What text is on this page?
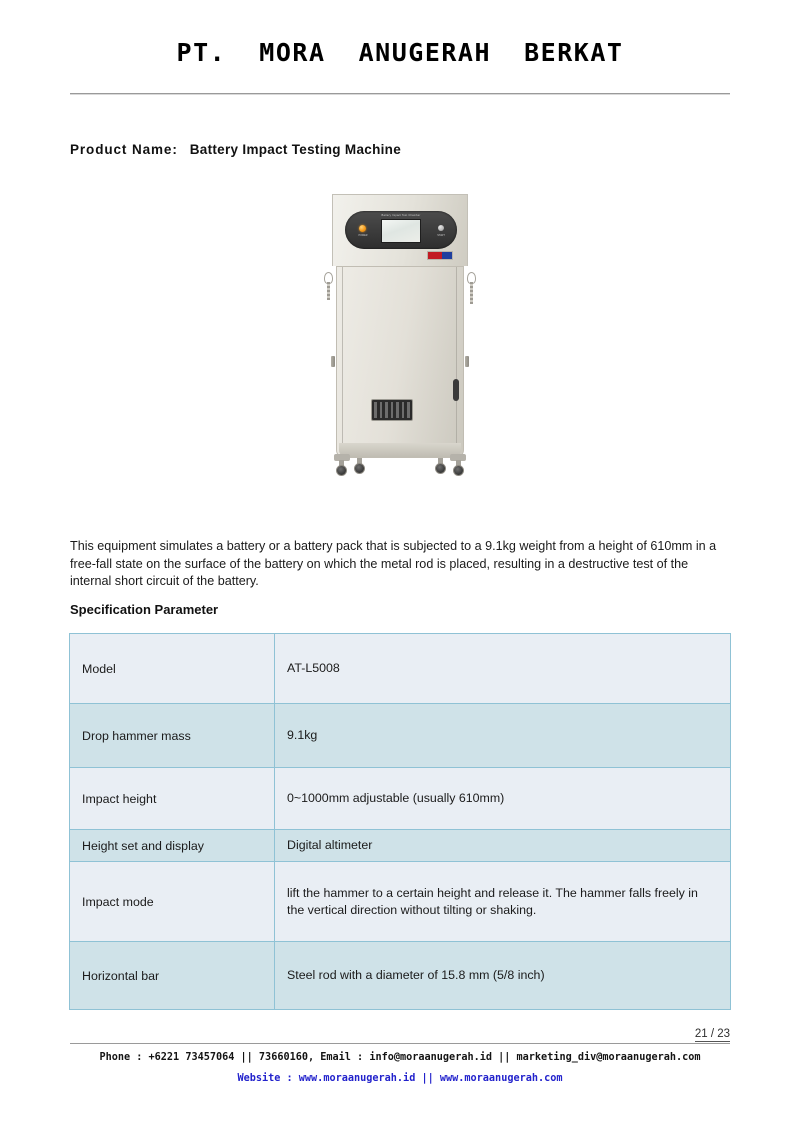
PT.  MORA  ANUGERAH  BERKAT
Product Name: Battery Impact Testing Machine
Battery Impact Test Chamber
POWER	START
This equipment simulates a battery or a battery pack that is subjected to a 9.1kg weight from a height of 610mm in a free-fall state on the surface of the battery on which the metal rod is placed, resulting in a destructive test of the internal short circuit of the battery.
Specification Parameter
Model	AT-L5008
Drop hammer mass	9.1kg
Impact height	0~1000mm adjustable (usually 610mm)
Height set and display	Digital altimeter
Impact mode	lift the hammer to a certain height and release it. The hammer falls freely in the vertical direction without tilting or shaking.
Horizontal bar	Steel rod with a diameter of 15.8 mm (5/8 inch)
21 / 23
Phone : +6221 73457064 || 73660160, Email : info@moraanugerah.id || marketing_div@moraanugerah.com
Website : www.moraanugerah.id || www.moraanugerah.com
